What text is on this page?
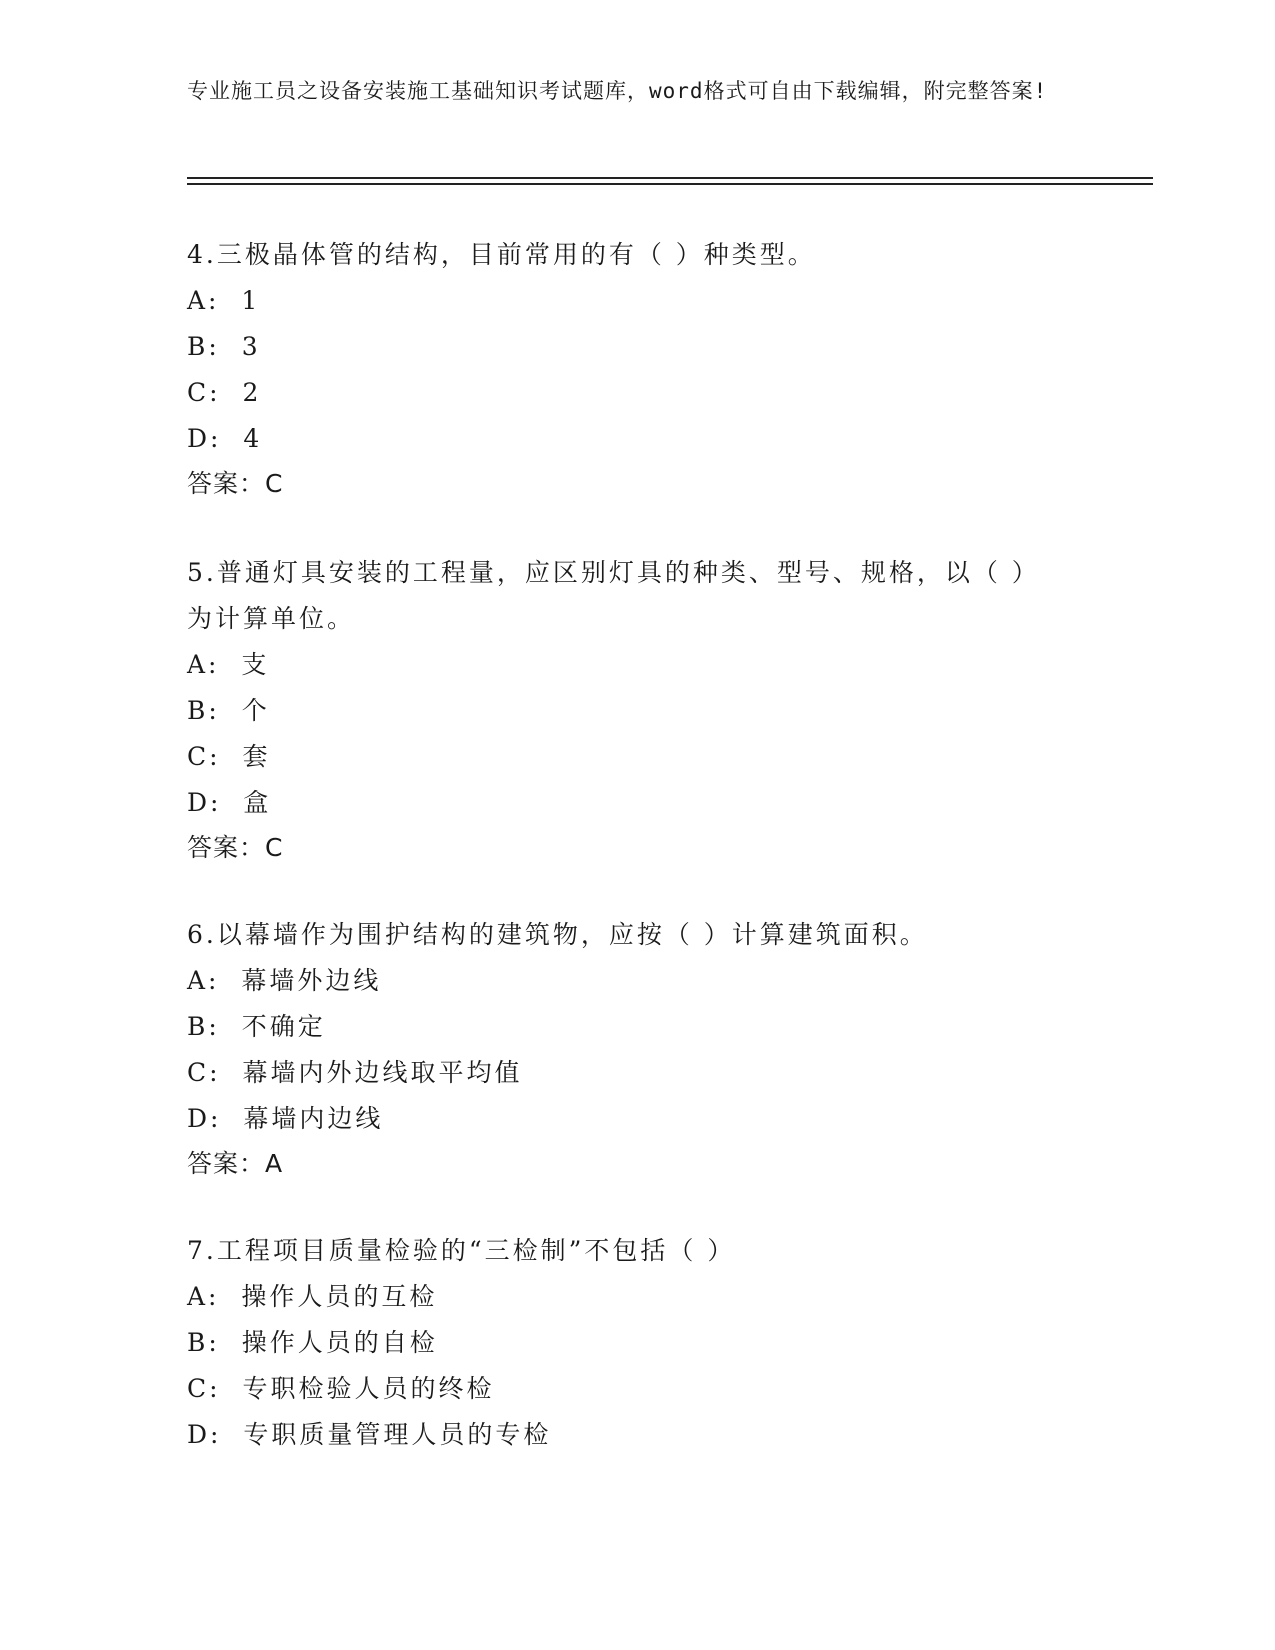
专业施工员之设备安装施工基础知识考试题库，word格式可自由下载编辑，附完整答案!
4.三极晶体管的结构，目前常用的有（ ）种类型。
A:  1
B:  3
C:  2
D:  4
答案：C
5.普通灯具安装的工程量，应区别灯具的种类、型号、规格，以（ ）为计算单位。
A:  支
B:  个
C:  套
D:  盒
答案：C
6.以幕墙作为围护结构的建筑物，应按（ ）计算建筑面积。
A:  幕墙外边线
B:  不确定
C:  幕墙内外边线取平均值
D:  幕墙内边线
答案：A
7.工程项目质量检验的“三检制”不包括（ ）
A:  操作人员的互检
B:  操作人员的自检
C:  专职检验人员的终检
D:  专职质量管理人员的专检
